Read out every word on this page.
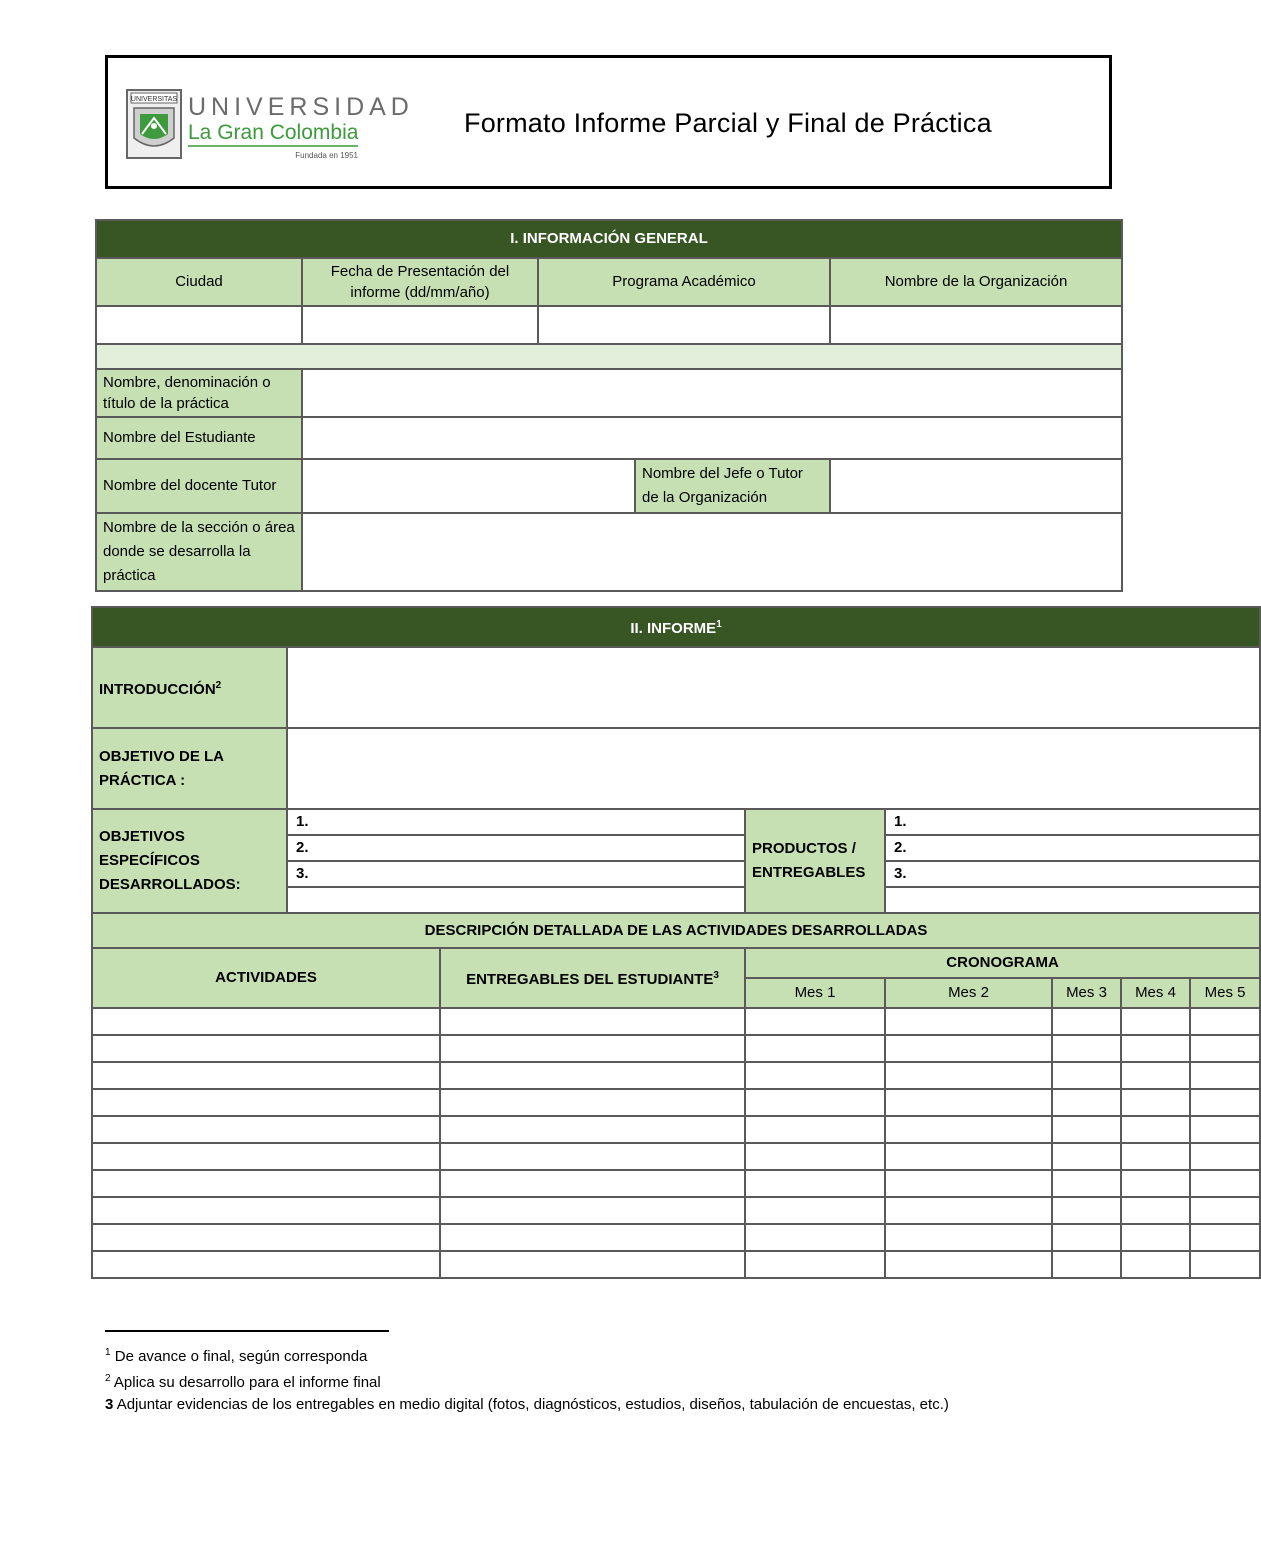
UNIVERSITAS UNIVERSIDAD
La Gran Colombia
Fundada en 1951
Formato Informe Parcial y Final de Práctica
I. INFORMACIÓN GENERAL				
Ciudad	Fecha de Presentación del informe (dd/mm/año)	Programa Académico		Nombre de la Organización

Nombre, denominación o título de la práctica				
Nombre del Estudiante				
Nombre del docente Tutor			Nombre del Jefe o Tutor de la Organización	
Nombre de la sección o área donde se desarrolla la práctica				
II. INFORME$^1$
INTRODUCCIÓN$^2$	
OBJETIVO DE LA PRÁCTICA :							
OBJETIVOS ESPECÍFICOS DESARROLLADOS:	1.		PRODUCTOS / ENTREGABLES	1.			
	2.			2.			
	3.			3.			

DESCRIPCIÓN DETALLADA DE LAS ACTIVIDADES DESARROLLADAS							
ACTIVIDADES		ENTREGABLES DEL ESTUDIANTE$^3$	CRONOGRAMA				
			Mes 1	Mes 2	Mes 3	Mes 4	Mes 5

$^1$ De avance o final, según corresponda
$^2$ Aplica su desarrollo para el informe final
3 Adjuntar evidencias de los entregables en medio digital (fotos, diagnósticos, estudios, diseños, tabulación de encuestas, etc.)
